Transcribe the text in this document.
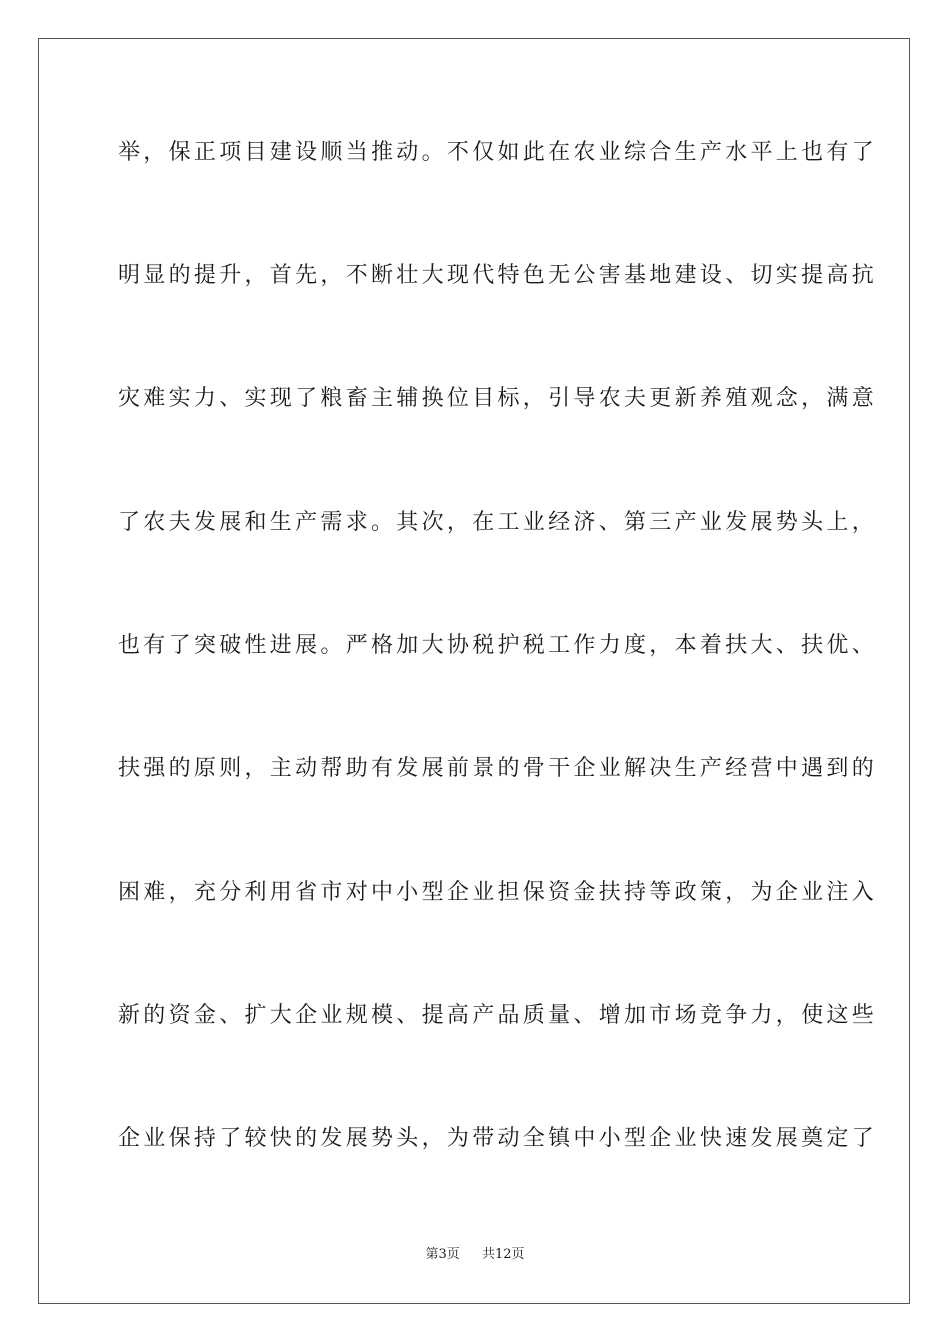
举，保正项目建设顺当推动。不仅如此在农业综合生产水平上也有了
明显的提升，首先，不断壮大现代特色无公害基地建设、切实提高抗
灾难实力、实现了粮畜主辅换位目标，引导农夫更新养殖观念，满意
了农夫发展和生产需求。其次，在工业经济、第三产业发展势头上，
也有了突破性进展。严格加大协税护税工作力度，本着扶大、扶优、
扶强的原则，主动帮助有发展前景的骨干企业解决生产经营中遇到的
困难，充分利用省市对中小型企业担保资金扶持等政策，为企业注入
新的资金、扩大企业规模、提高产品质量、增加市场竞争力，使这些
企业保持了较快的发展势头，为带动全镇中小型企业快速发展奠定了
第3页 共12页
